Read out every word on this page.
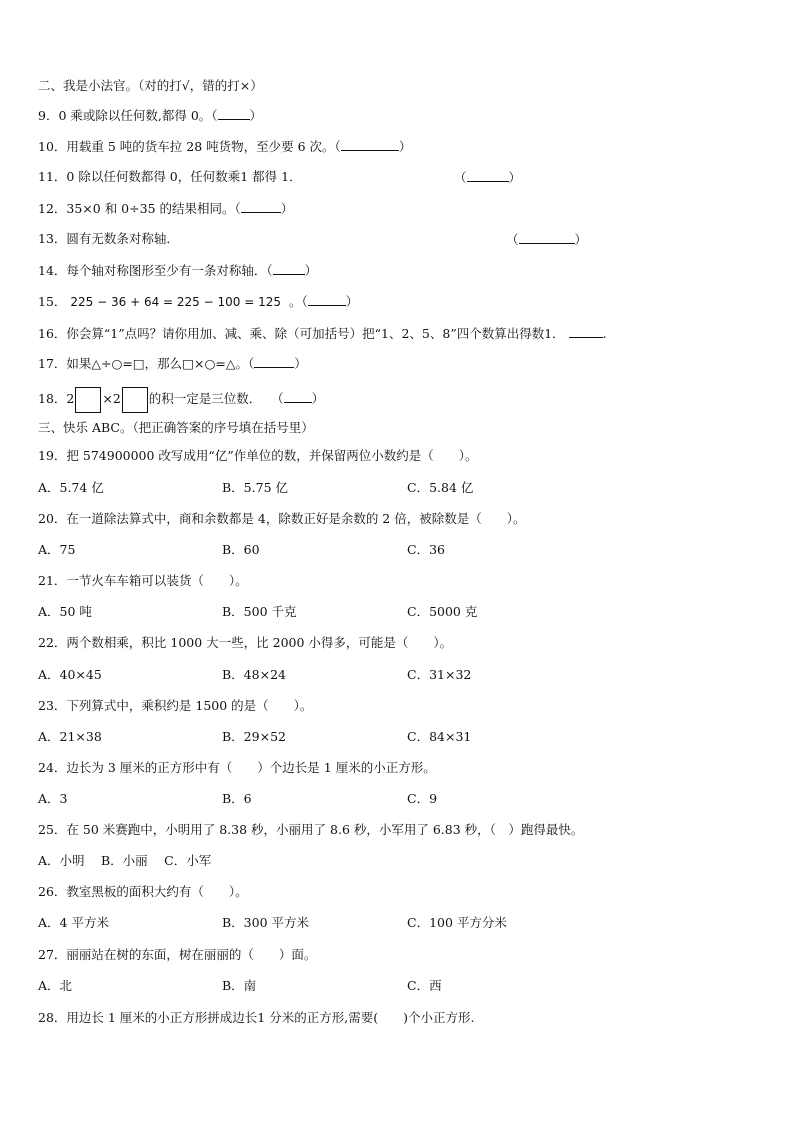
二、我是小法官。（对的打√，错的打×）
9．0 乘或除以任何数,都得 0。（	）
10．用载重 5 吨的货车拉 28 吨货物，至少要 6 次。（	）
11．0 除以任何数都得 0，任何数乘1 都得 1．	（	）
12．35×0 和 0÷35 的结果相同。（	）
13．圆有无数条对称轴．	（	）
14．每个轴对称图形至少有一条对称轴．（	）
15． 225 − 36 + 64 = 225 − 100 = 125 。（	）
16．你会算“1”点吗？请你用加、减、乘、除（可加括号）把“1、2、5、8”四个数算出得数1．	.
17．如果△÷○=□，那么□×○=△。（	）
18．2 ×2 的积一定是三位数． （ ）
三、快乐 ABC。（把正确答案的序号填在括号里）
19．把 574900000 改写成用“亿”作单位的数，并保留两位小数约是（　　）。
A．5.74 亿	B．5.75 亿	C．5.84 亿
20．在一道除法算式中，商和余数都是 4，除数正好是余数的 2 倍，被除数是（　　）。
A．75	B．60	C．36
21．一节火车车箱可以装货（　　）。
A．50 吨	B．500 千克	C．5000 克
22．两个数相乘，积比 1000 大一些，比 2000 小得多，可能是（　　）。
A．40×45	B．48×24	C．31×32
23．下列算式中，乘积约是 1500 的是（　　）。
A．21×38	B．29×52	C．84×31
24．边长为 3 厘米的正方形中有（　　）个边长是 1 厘米的小正方形。
A．3	B．6	C．9
25．在 50 米赛跑中，小明用了 8.38 秒，小丽用了 8.6 秒，小军用了 6.83 秒，（　）跑得最快。
A．小明　 B．小丽　 C．小军
26．教室黑板的面积大约有（　　）。
A．4 平方米	B．300 平方米	C．100 平方分米
27．丽丽站在树的东面，树在丽丽的（　　）面。
A．北	B．南	C．西
28．用边长 1 厘米的小正方形拼成边长1 分米的正方形,需要(　　)个小正方形.
